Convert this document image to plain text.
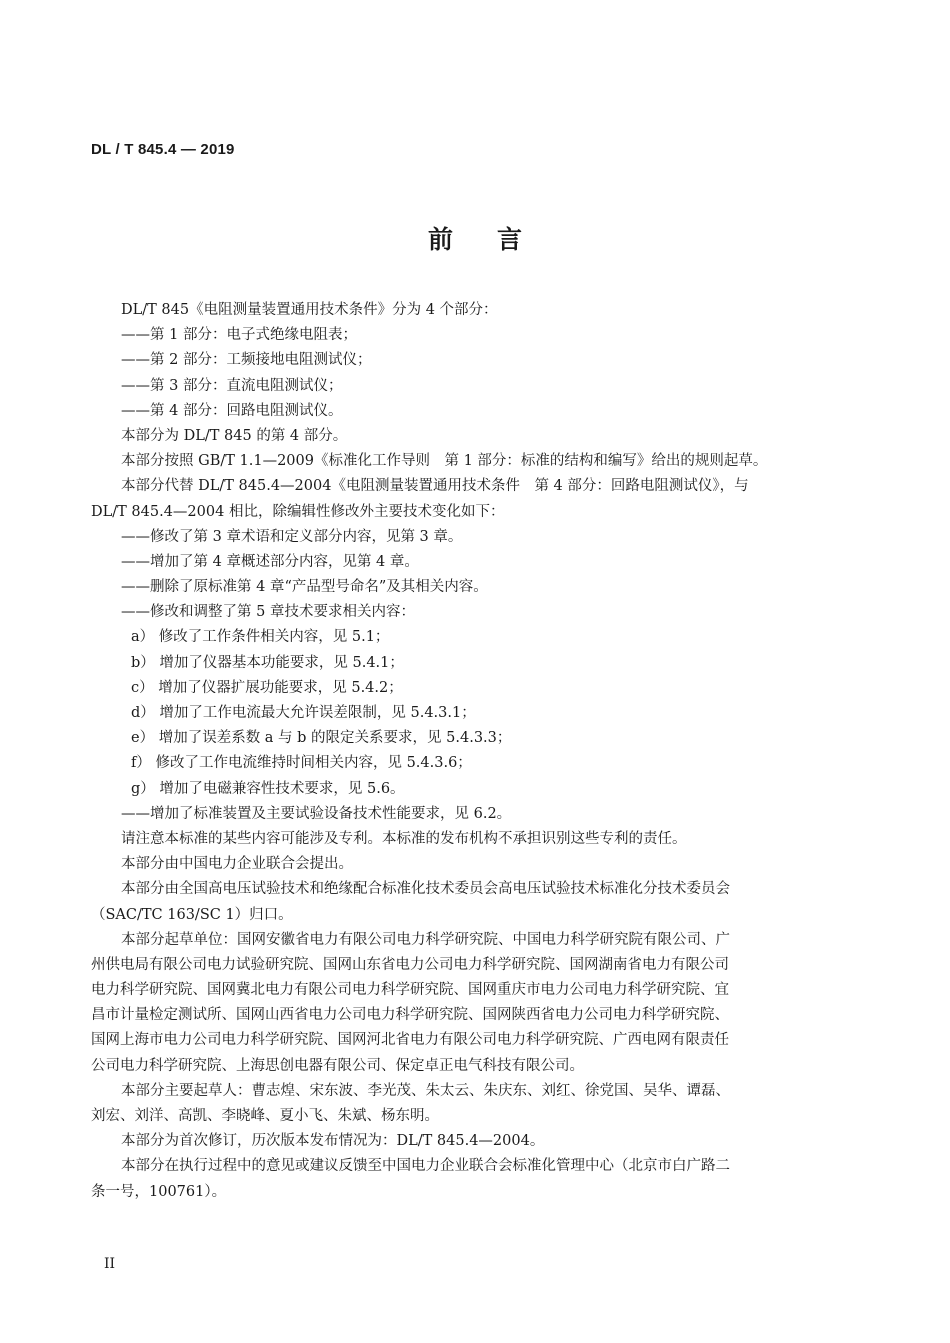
DL / T 845.4 — 2019
前言
DL/T 845《电阻测量装置通用技术条件》分为 4 个部分：
——第 1 部分：电子式绝缘电阻表；
——第 2 部分：工频接地电阻测试仪；
——第 3 部分：直流电阻测试仪；
——第 4 部分：回路电阻测试仪。
本部分为 DL/T 845 的第 4 部分。
本部分按照 GB/T 1.1—2009《标准化工作导则　第 1 部分：标准的结构和编写》给出的规则起草。
本部分代替 DL/T 845.4—2004《电阻测量装置通用技术条件　第 4 部分：回路电阻测试仪》，与
DL/T 845.4—2004 相比，除编辑性修改外主要技术变化如下：
——修改了第 3 章术语和定义部分内容，见第 3 章。
——增加了第 4 章概述部分内容，见第 4 章。
——删除了原标准第 4 章“产品型号命名”及其相关内容。
——修改和调整了第 5 章技术要求相关内容：
a） 修改了工作条件相关内容，见 5.1；
b） 增加了仪器基本功能要求，见 5.4.1；
c） 增加了仪器扩展功能要求，见 5.4.2；
d） 增加了工作电流最大允许误差限制，见 5.4.3.1；
e） 增加了误差系数 a 与 b 的限定关系要求，见 5.4.3.3；
f） 修改了工作电流维持时间相关内容，见 5.4.3.6；
g） 增加了电磁兼容性技术要求，见 5.6。
——增加了标准装置及主要试验设备技术性能要求，见 6.2。
请注意本标准的某些内容可能涉及专利。本标准的发布机构不承担识别这些专利的责任。
本部分由中国电力企业联合会提出。
本部分由全国高电压试验技术和绝缘配合标准化技术委员会高电压试验技术标准化分技术委员会
（SAC/TC 163/SC 1）归口。
本部分起草单位：国网安徽省电力有限公司电力科学研究院、中国电力科学研究院有限公司、广
州供电局有限公司电力试验研究院、国网山东省电力公司电力科学研究院、国网湖南省电力有限公司
电力科学研究院、国网冀北电力有限公司电力科学研究院、国网重庆市电力公司电力科学研究院、宜
昌市计量检定测试所、国网山西省电力公司电力科学研究院、国网陕西省电力公司电力科学研究院、
国网上海市电力公司电力科学研究院、国网河北省电力有限公司电力科学研究院、广西电网有限责任
公司电力科学研究院、上海思创电器有限公司、保定卓正电气科技有限公司。
本部分主要起草人：曹志煌、宋东波、李光茂、朱太云、朱庆东、刘红、徐党国、吴华、谭磊、
刘宏、刘洋、高凯、李晓峰、夏小飞、朱斌、杨东明。
本部分为首次修订，历次版本发布情况为：DL/T 845.4—2004。
本部分在执行过程中的意见或建议反馈至中国电力企业联合会标准化管理中心（北京市白广路二
条一号，100761）。
II
